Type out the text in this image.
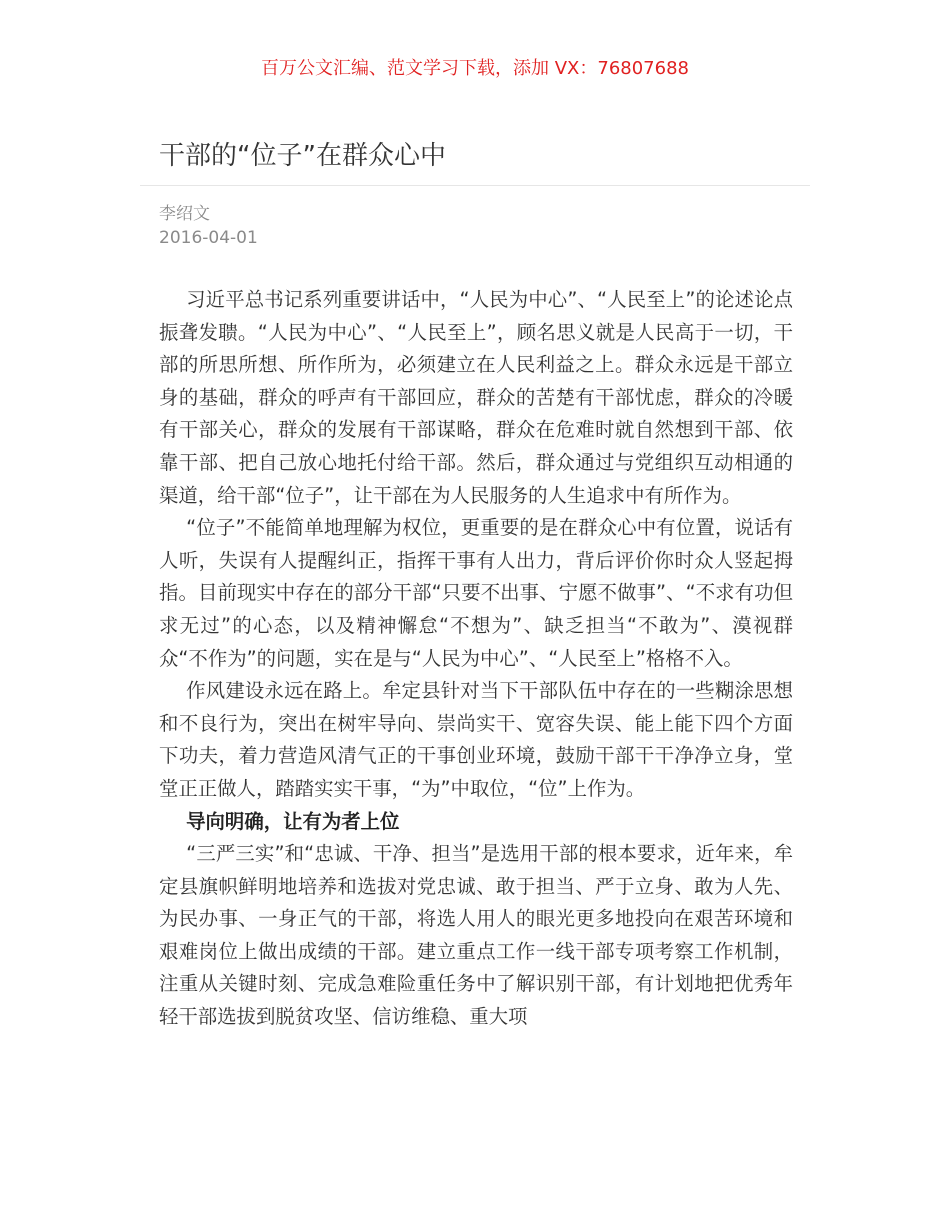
百万公文汇编、范文学习下载，添加 VX：76807688

干部的“位子”在群众心中
李绍文
2016-04-01

习近平总书记系列重要讲话中，“人民为中心”、“人民至上”的论述论点振聋发聩。“人民为中心”、“人民至上”，顾名思义就是人民高于一切，干部的所思所想、所作所为，必须建立在人民利益之上。群众永远是干部立身的基础，群众的呼声有干部回应，群众的苦楚有干部忧虑，群众的冷暖有干部关心，群众的发展有干部谋略，群众在危难时就自然想到干部、依靠干部、把自己放心地托付给干部。然后，群众通过与党组织互动相通的渠道，给干部“位子”，让干部在为人民服务的人生追求中有所作为。

“位子”不能简单地理解为权位，更重要的是在群众心中有位置，说话有人听，失误有人提醒纠正，指挥干事有人出力，背后评价你时众人竖起拇指。目前现实中存在的部分干部“只要不出事、宁愿不做事”、“不求有功但求无过”的心态，以及精神懈怠“不想为”、缺乏担当“不敢为”、漠视群众“不作为”的问题，实在是与“人民为中心”、“人民至上”格格不入。

作风建设永远在路上。牟定县针对当下干部队伍中存在的一些糊涂思想和不良行为，突出在树牢导向、崇尚实干、宽容失误、能上能下四个方面下功夫，着力营造风清气正的干事创业环境，鼓励干部干干净净立身，堂堂正正做人，踏踏实实干事，“为”中取位，“位”上作为。

导向明确，让有为者上位

“三严三实”和“忠诚、干净、担当”是选用干部的根本要求，近年来，牟定县旗帜鲜明地培养和选拔对党忠诚、敢于担当、严于立身、敢为人先、为民办事、一身正气的干部，将选人用人的眼光更多地投向在艰苦环境和艰难岗位上做出成绩的干部。建立重点工作一线干部专项考察工作机制，注重从关键时刻、完成急难险重任务中了解识别干部，有计划地把优秀年轻干部选拔到脱贫攻坚、信访维稳、重大项
